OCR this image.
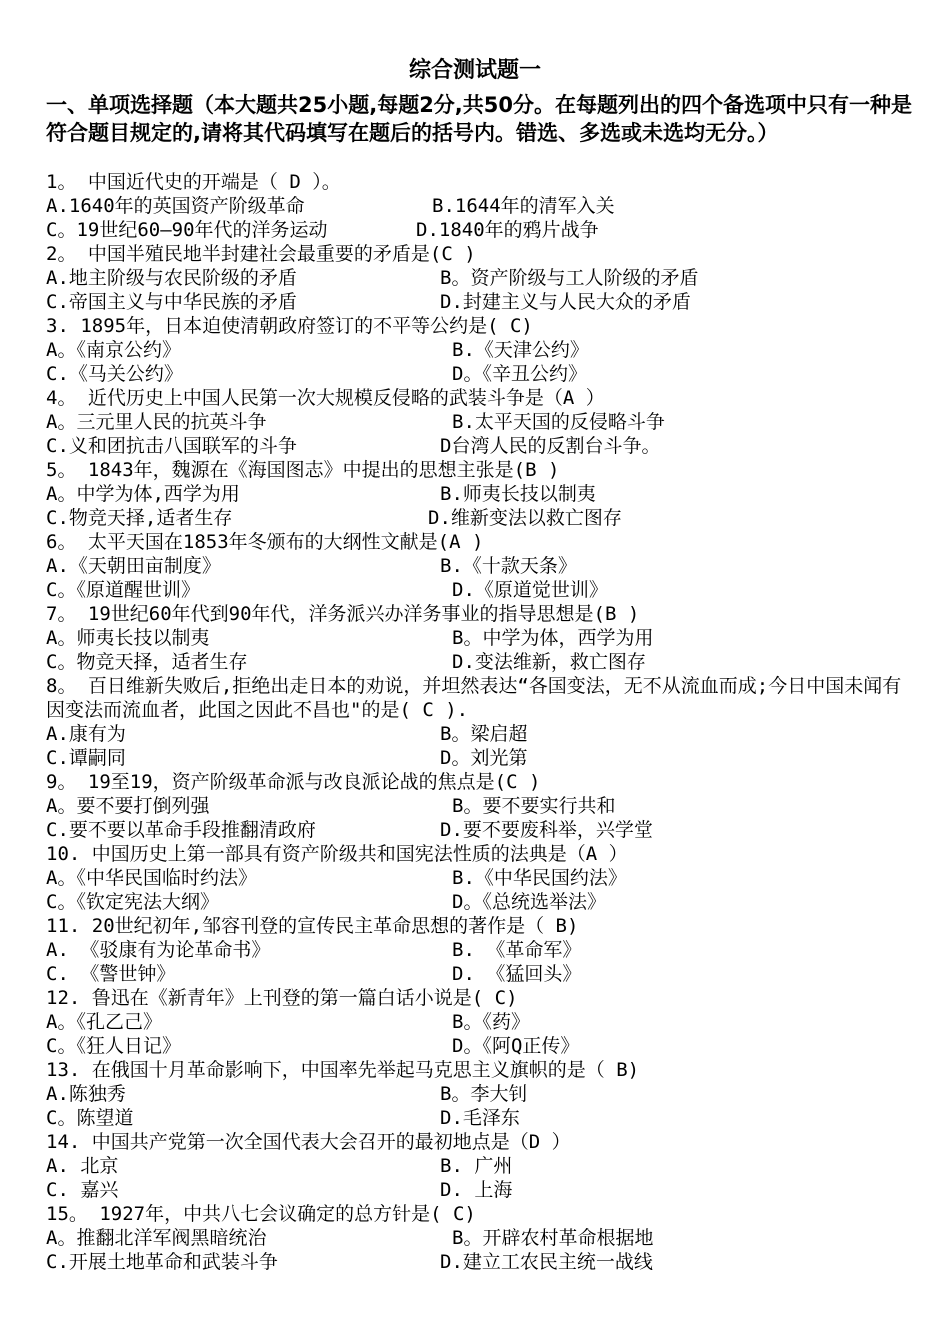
综合测试题一
一、单项选择题（本大题共25小题,每题2分,共50分。在每题列出的四个备选项中只有一种是符合题目规定的,请将其代码填写在题后的括号内。错选、多选或未选均无分。）
1。 中国近代史的开端是（ D ）。
A.1640年的英国资产阶级革命	B.1644年的清军入关
C。19世纪60—90年代的洋务运动	D.1840年的鸦片战争
2。 中国半殖民地半封建社会最重要的矛盾是(C )
A.地主阶级与农民阶级的矛盾	B。资产阶级与工人阶级的矛盾
C.帝国主义与中华民族的矛盾	D.封建主义与人民大众的矛盾
3. 1895年，日本迫使清朝政府签订的不平等公约是( C)
A。《南京公约》	B.《天津公约》
C.《马关公约》	D。《辛丑公约》
4。 近代历史上中国人民第一次大规模反侵略的武装斗争是（A ）
A。三元里人民的抗英斗争	B.太平天国的反侵略斗争
C.义和团抗击八国联军的斗争	D台湾人民的反割台斗争。
5。 1843年，魏源在《海国图志》中提出的思想主张是(B )
A。中学为体,西学为用	B.师夷长技以制夷
C.物竞天择,适者生存	D.维新变法以救亡图存
6。 太平天国在1853年冬颁布的大纲性文献是(A )
A.《天朝田亩制度》	B.《十款天条》
C。《原道醒世训》	D.《原道觉世训》
7。 19世纪60年代到90年代，洋务派兴办洋务事业的指导思想是(B )
A。师夷长技以制夷	B。中学为体，西学为用
C。物竞天择，适者生存	D.变法维新，救亡图存
8。 百日维新失败后,拒绝出走日本的劝说，并坦然表达“各国变法，无不从流血而成;今日中国未闻有因变法而流血者，此国之因此不昌也"的是( C ).
A.康有为	B。梁启超
C.谭嗣同	D。刘光第
9。 19至19，资产阶级革命派与改良派论战的焦点是(C )
A。要不要打倒列强	B。要不要实行共和
C.要不要以革命手段推翻清政府	D.要不要废科举，兴学堂
10. 中国历史上第一部具有资产阶级共和国宪法性质的法典是（A ）
A。《中华民国临时约法》	B.《中华民国约法》
C。《钦定宪法大纲》	D。《总统选举法》
11. 20世纪初年,邹容刊登的宣传民主革命思想的著作是（ B)
A. 《驳康有为论革命书》	B. 《革命军》
C. 《警世钟》	D. 《猛回头》
12. 鲁迅在《新青年》上刊登的第一篇白话小说是( C)
A。《孔乙己》	B。《药》
C。《狂人日记》	D。《阿Q正传》
13. 在俄国十月革命影响下，中国率先举起马克思主义旗帜的是（ B)
A.陈独秀	B。李大钊
C。陈望道	D.毛泽东
14. 中国共产党第一次全国代表大会召开的最初地点是（D ）
A. 北京	B. 广州
C. 嘉兴	D. 上海
15。 1927年，中共八七会议确定的总方针是( C)
A。推翻北洋军阀黑暗统治	B。开辟农村革命根据地
C.开展土地革命和武装斗争	D.建立工农民主统一战线
